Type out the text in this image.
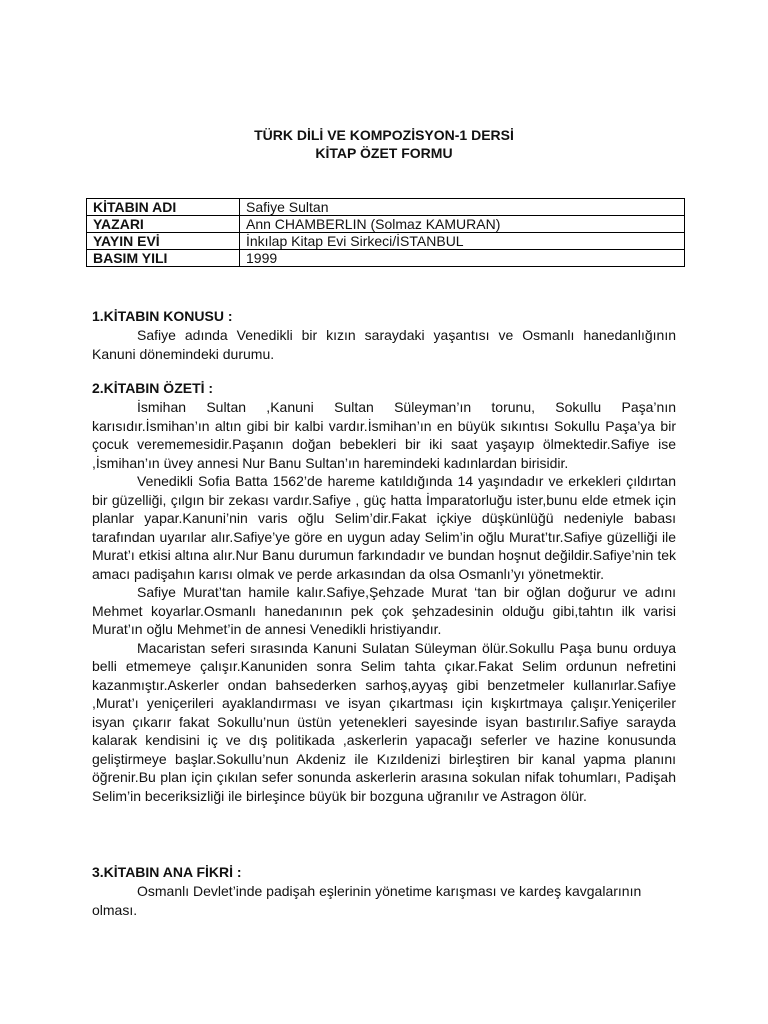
TÜRK DİLİ VE KOMPOZİSYON-1 DERSİ
KİTAP ÖZET FORMU
KİTABIN ADI	Safiye Sultan
YAZARI	Ann CHAMBERLIN (Solmaz KAMURAN)
YAYIN EVİ	İnkılap Kitap Evi Sirkeci/İSTANBUL
BASIM YILI	1999
1.KİTABIN KONUSU :

Safiye adında Venedikli bir kızın saraydaki yaşantısı ve Osmanlı hanedanlığının Kanuni dönemindeki durumu.

2.KİTABIN ÖZETİ :

İsmihan Sultan ,Kanuni Sultan Süleyman’ın torunu, Sokullu Paşa’nın karısıdır.İsmihan’ın altın gibi bir kalbi vardır.İsmihan’ın en büyük sıkıntısı Sokullu Paşa’ya bir çocuk verememesidir.Paşanın doğan bebekleri bir iki saat yaşayıp ölmektedir.Safiye ise ,İsmihan’ın üvey annesi Nur Banu Sultan’ın haremindeki kadınlardan birisidir.

Venedikli Sofia Batta 1562’de hareme katıldığında 14 yaşındadır ve erkekleri çıldırtan bir güzelliği, çılgın bir zekası vardır.Safiye , güç hatta İmparatorluğu ister,bunu elde etmek için planlar yapar.Kanuni’nin varis oğlu Selim’dir.Fakat içkiye düşkünlüğü nedeniyle babası tarafından uyarılar alır.Safiye’ye göre en uygun aday Selim’in oğlu Murat’tır.Safiye güzelliği ile Murat’ı etkisi altına alır.Nur Banu durumun farkındadır ve bundan hoşnut değildir.Safiye’nin tek amacı padişahın karısı olmak ve perde arkasından da olsa Osmanlı’yı yönetmektir.

Safiye Murat’tan hamile kalır.Safiye,Şehzade Murat ‘tan bir oğlan doğurur ve adını Mehmet koyarlar.Osmanlı hanedanının pek çok şehzadesinin olduğu gibi,tahtın ilk varisi Murat’ın oğlu Mehmet’in de annesi Venedikli hristiyandır.

Macaristan seferi sırasında Kanuni Sulatan Süleyman ölür.Sokullu Paşa bunu orduya belli etmemeye çalışır.Kanuniden sonra Selim tahta çıkar.Fakat Selim ordunun nefretini kazanmıştır.Askerler ondan bahsederken sarhoş,ayyaş gibi benzetmeler kullanırlar.Safiye ,Murat’ı yeniçerileri ayaklandırması ve isyan çıkartması için kışkırtmaya çalışır.Yeniçeriler isyan çıkarır fakat Sokullu’nun üstün yetenekleri sayesinde isyan bastırılır.Safiye sarayda kalarak kendisini iç ve dış politikada ,askerlerin yapacağı seferler ve hazine konusunda geliştirmeye başlar.Sokullu’nun Akdeniz ile Kızıldenizi birleştiren bir kanal yapma planını öğrenir.Bu plan için çıkılan sefer sonunda askerlerin arasına sokulan nifak tohumları, Padişah Selim’in beceriksizliği ile birleşince büyük bir bozguna uğranılır ve Astragon ölür.

3.KİTABIN ANA FİKRİ :

Osmanlı Devlet’inde padişah eşlerinin yönetime karışması ve kardeş kavgalarının olması.
